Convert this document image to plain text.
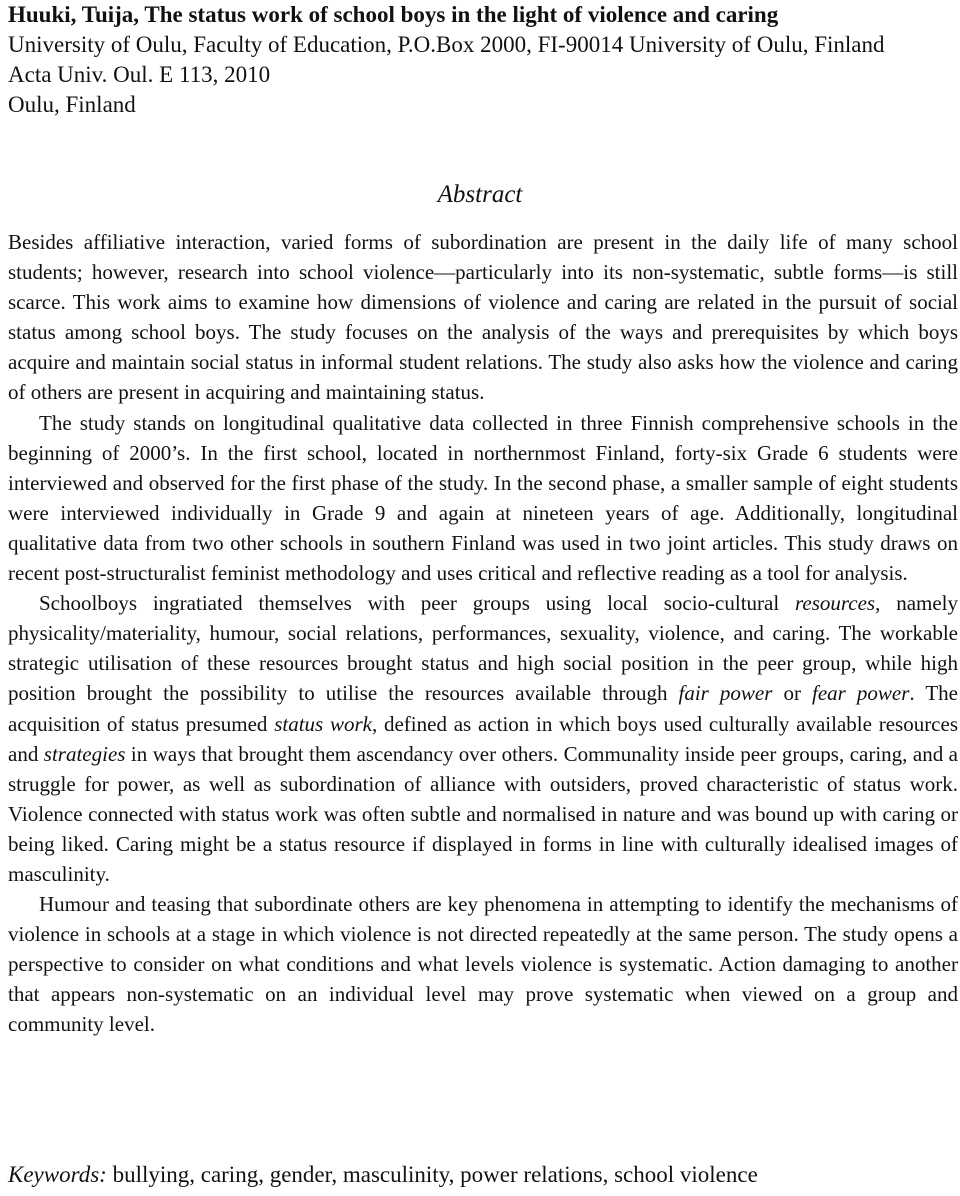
Huuki, Tuija, The status work of school boys in the light of violence and caring
University of Oulu, Faculty of Education, P.O.Box 2000, FI-90014 University of Oulu, Finland
Acta Univ. Oul. E 113, 2010
Oulu, Finland
Abstract

Besides affiliative interaction, varied forms of subordination are present in the daily life of many school students; however, research into school violence—particularly into its non-systematic, subtle forms—is still scarce. This work aims to examine how dimensions of violence and caring are related in the pursuit of social status among school boys. The study focuses on the analysis of the ways and prerequisites by which boys acquire and maintain social status in informal student relations. The study also asks how the violence and caring of others are present in acquiring and maintaining status.

The study stands on longitudinal qualitative data collected in three Finnish comprehensive schools in the beginning of 2000’s. In the first school, located in northernmost Finland, forty-six Grade 6 students were interviewed and observed for the first phase of the study. In the second phase, a smaller sample of eight students were interviewed individually in Grade 9 and again at nineteen years of age. Additionally, longitudinal qualitative data from two other schools in southern Finland was used in two joint articles. This study draws on recent post-structuralist feminist methodology and uses critical and reflective reading as a tool for analysis.

Schoolboys ingratiated themselves with peer groups using local socio-cultural resources, namely physicality/materiality, humour, social relations, performances, sexuality, violence, and caring. The workable strategic utilisation of these resources brought status and high social position in the peer group, while high position brought the possibility to utilise the resources available through fair power or fear power. The acquisition of status presumed status work, defined as action in which boys used culturally available resources and strategies in ways that brought them ascendancy over others. Communality inside peer groups, caring, and a struggle for power, as well as subordination of alliance with outsiders, proved characteristic of status work. Violence connected with status work was often subtle and normalised in nature and was bound up with caring or being liked. Caring might be a status resource if displayed in forms in line with culturally idealised images of masculinity.

Humour and teasing that subordinate others are key phenomena in attempting to identify the mechanisms of violence in schools at a stage in which violence is not directed repeatedly at the same person. The study opens a perspective to consider on what conditions and what levels violence is systematic. Action damaging to another that appears non-systematic on an individual level may prove systematic when viewed on a group and community level.

Keywords: bullying, caring, gender, masculinity, power relations, school violence
